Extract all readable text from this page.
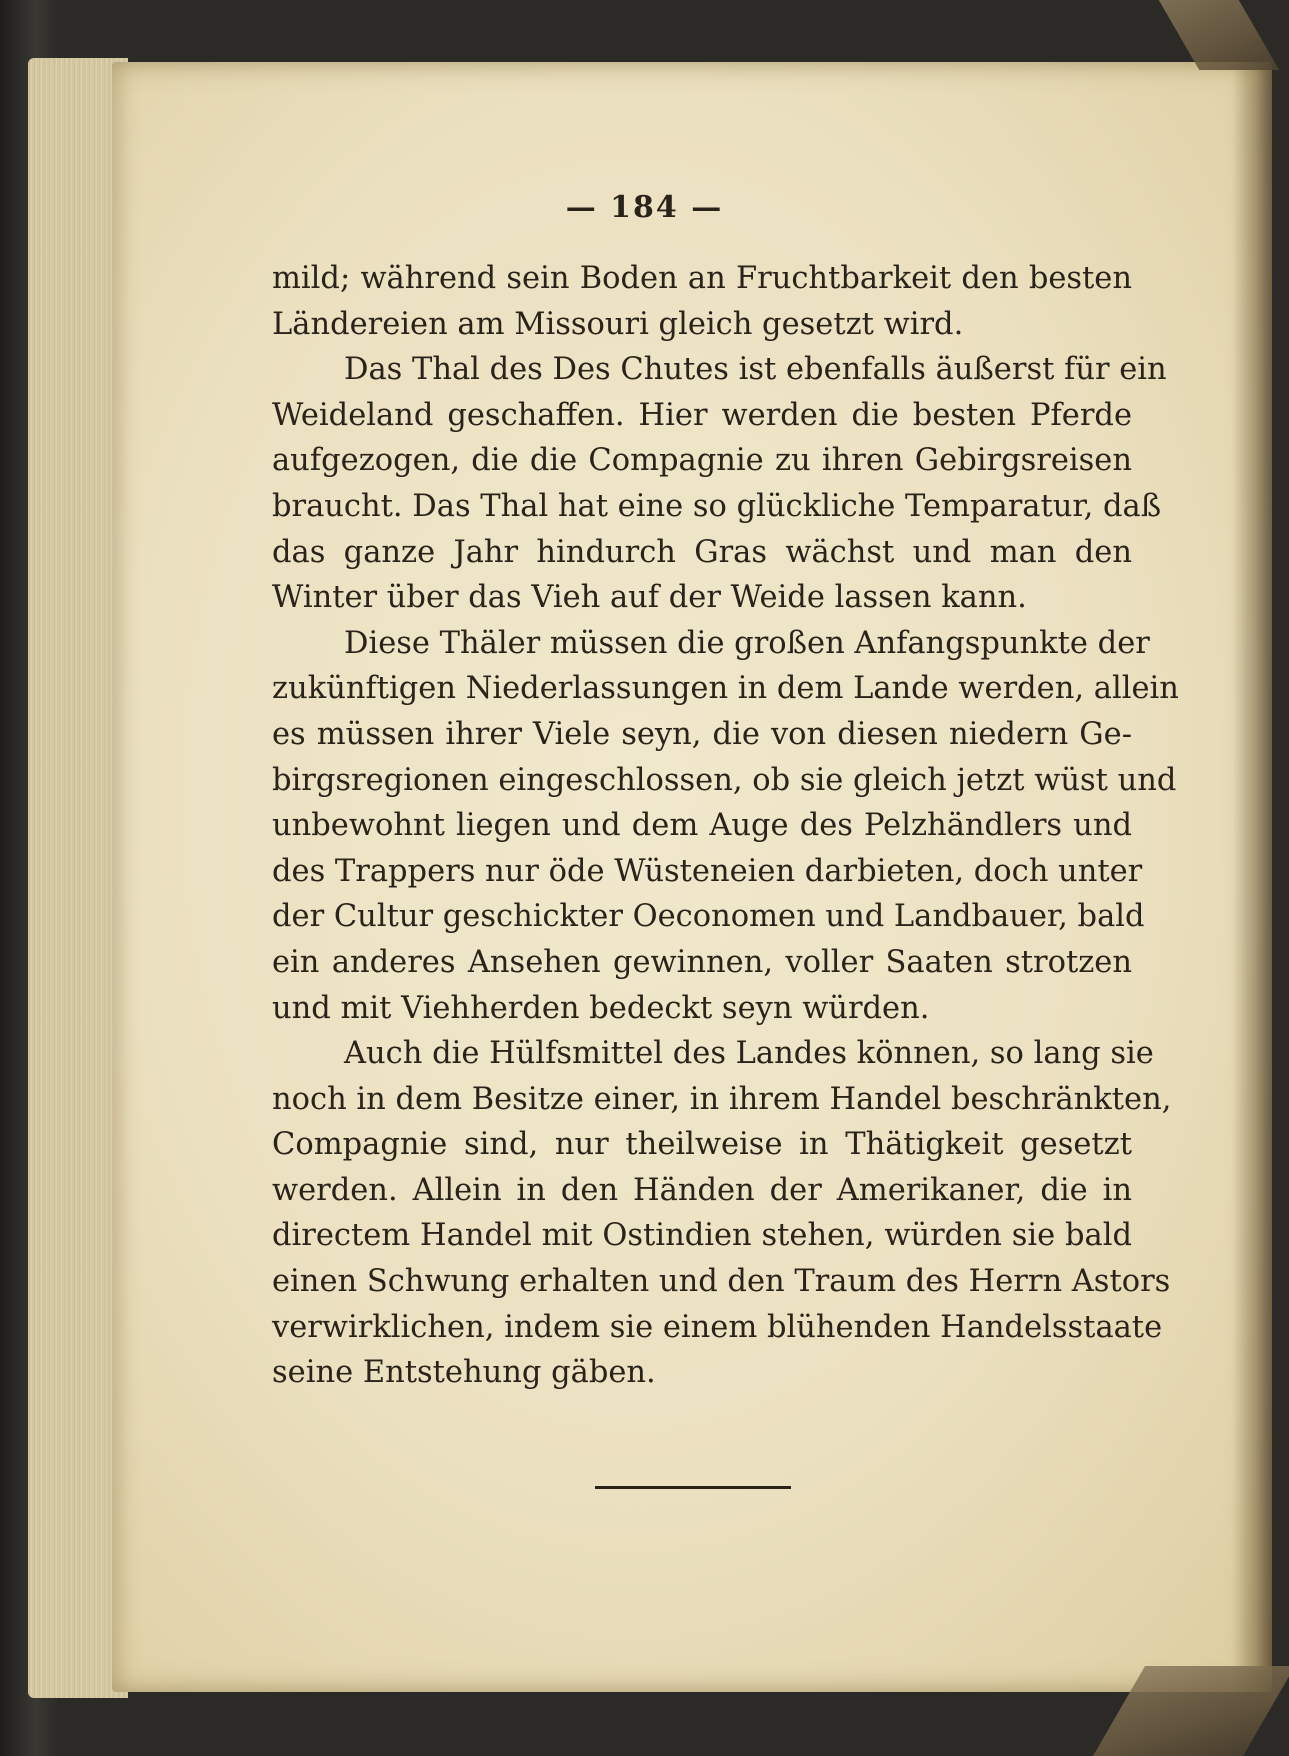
— 184 —
mild; während sein Boden an Fruchtbarkeit den besten
Ländereien am Missouri gleich gesetzt wird.
Das Thal des Des Chutes ist ebenfalls äußerst für ein
Weideland geschaffen. Hier werden die besten Pferde
aufgezogen, die die Compagnie zu ihren Gebirgsreisen
braucht. Das Thal hat eine so glückliche Temparatur, daß
das ganze Jahr hindurch Gras wächst und man den
Winter über das Vieh auf der Weide lassen kann.
Diese Thäler müssen die großen Anfangspunkte der
zukünftigen Niederlassungen in dem Lande werden, allein
es müssen ihrer Viele seyn, die von diesen niedern Ge-
birgsregionen eingeschlossen, ob sie gleich jetzt wüst und
unbewohnt liegen und dem Auge des Pelzhändlers und
des Trappers nur öde Wüsteneien darbieten, doch unter
der Cultur geschickter Oeconomen und Landbauer, bald
ein anderes Ansehen gewinnen, voller Saaten strotzen
und mit Viehherden bedeckt seyn würden.
Auch die Hülfsmittel des Landes können, so lang sie
noch in dem Besitze einer, in ihrem Handel beschränkten,
Compagnie sind, nur theilweise in Thätigkeit gesetzt
werden. Allein in den Händen der Amerikaner, die in
directem Handel mit Ostindien stehen, würden sie bald
einen Schwung erhalten und den Traum des Herrn Astors
verwirklichen, indem sie einem blühenden Handelsstaate
seine Entstehung gäben.
